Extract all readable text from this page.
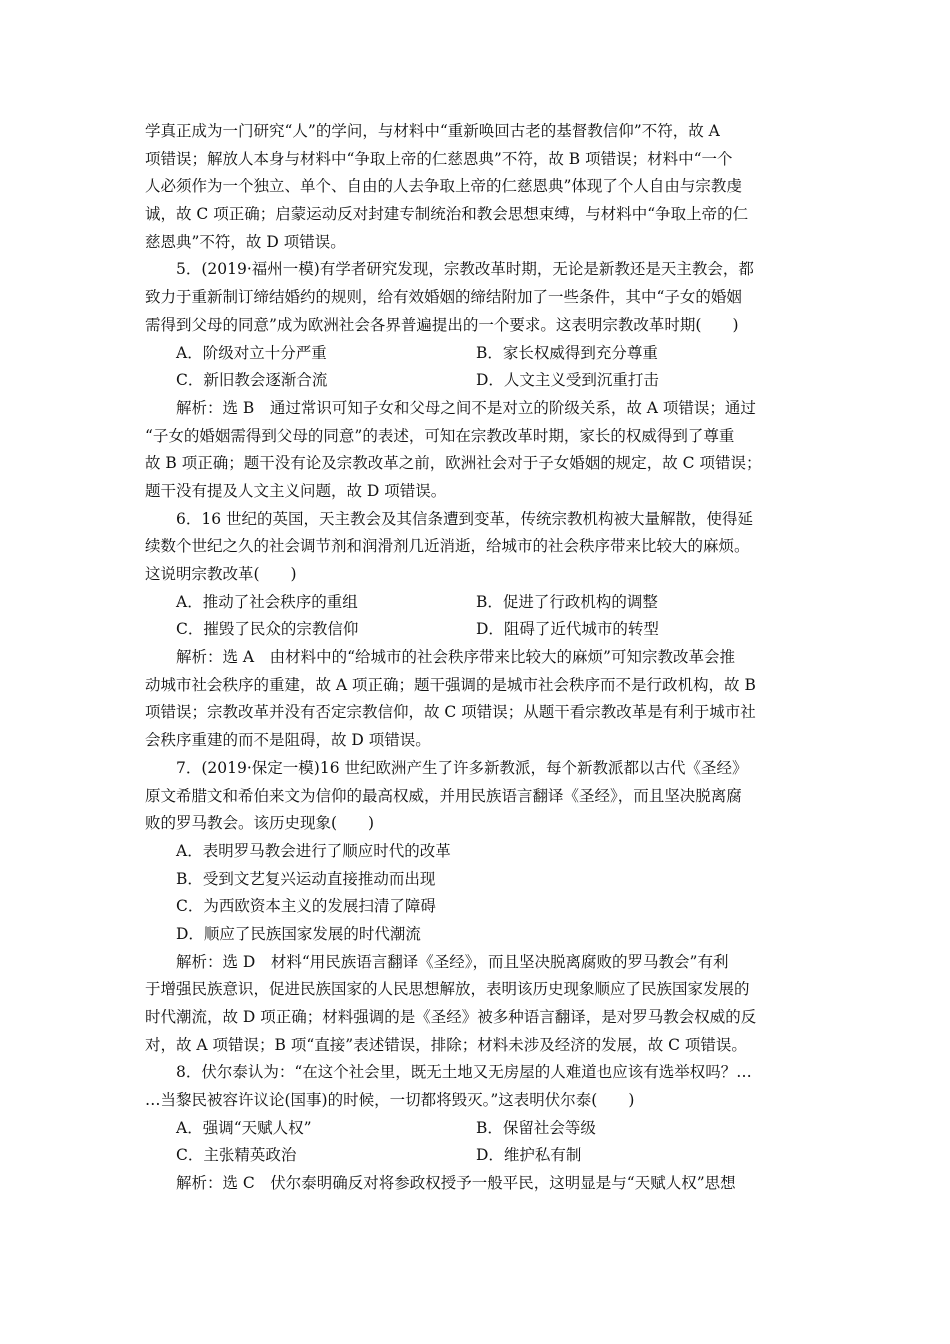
学真正成为一门研究“人”的学问，与材料中“重新唤回古老的基督教信仰”不符，故 A
项错误；解放人本身与材料中“争取上帝的仁慈恩典”不符，故 B 项错误；材料中“一个
人必须作为一个独立、单个、自由的人去争取上帝的仁慈恩典”体现了个人自由与宗教虔
诚，故 C 项正确；启蒙运动反对封建专制统治和教会思想束缚，与材料中“争取上帝的仁
慈恩典”不符，故 D 项错误。
5．(2019·福州一模)有学者研究发现，宗教改革时期，无论是新教还是天主教会，都
致力于重新制订缔结婚约的规则，给有效婚姻的缔结附加了一些条件，其中“子女的婚姻
需得到父母的同意”成为欧洲社会各界普遍提出的一个要求。这表明宗教改革时期(　　)
A．阶级对立十分严重	B．家长权威得到充分尊重
C．新旧教会逐渐合流	D．人文主义受到沉重打击
解析：选 B　通过常识可知子女和父母之间不是对立的阶级关系，故 A 项错误；通过
“子女的婚姻需得到父母的同意”的表述，可知在宗教改革时期，家长的权威得到了尊重
故 B 项正确；题干没有论及宗教改革之前，欧洲社会对于子女婚姻的规定，故 C 项错误；
题干没有提及人文主义问题，故 D 项错误。
6．16 世纪的英国，天主教会及其信条遭到变革，传统宗教机构被大量解散，使得延
续数个世纪之久的社会调节剂和润滑剂几近消逝，给城市的社会秩序带来比较大的麻烦。
这说明宗教改革(　　)
A．推动了社会秩序的重组	B．促进了行政机构的调整
C．摧毁了民众的宗教信仰	D．阻碍了近代城市的转型
解析：选 A　由材料中的“给城市的社会秩序带来比较大的麻烦”可知宗教改革会推
动城市社会秩序的重建，故 A 项正确；题干强调的是城市社会秩序而不是行政机构，故 B
项错误；宗教改革并没有否定宗教信仰，故 C 项错误；从题干看宗教改革是有利于城市社
会秩序重建的而不是阻碍，故 D 项错误。
7．(2019·保定一模)16 世纪欧洲产生了许多新教派，每个新教派都以古代《圣经》
原文希腊文和希伯来文为信仰的最高权威，并用民族语言翻译《圣经》，而且坚决脱离腐
败的罗马教会。该历史现象(　　)
A．表明罗马教会进行了顺应时代的改革
B．受到文艺复兴运动直接推动而出现
C．为西欧资本主义的发展扫清了障碍
D．顺应了民族国家发展的时代潮流
解析：选 D　材料“用民族语言翻译《圣经》，而且坚决脱离腐败的罗马教会”有利
于增强民族意识，促进民族国家的人民思想解放，表明该历史现象顺应了民族国家发展的
时代潮流，故 D 项正确；材料强调的是《圣经》被多种语言翻译，是对罗马教会权威的反
对，故 A 项错误；B 项“直接”表述错误，排除；材料未涉及经济的发展，故 C 项错误。
8．伏尔泰认为：“在这个社会里，既无土地又无房屋的人难道也应该有选举权吗？…
…当黎民被容许议论(国事)的时候，一切都将毁灭。”这表明伏尔泰(　　)
A．强调“天赋人权”	B．保留社会等级
C．主张精英政治	D．维护私有制
解析：选 C　伏尔泰明确反对将参政权授予一般平民，这明显是与“天赋人权”思想
